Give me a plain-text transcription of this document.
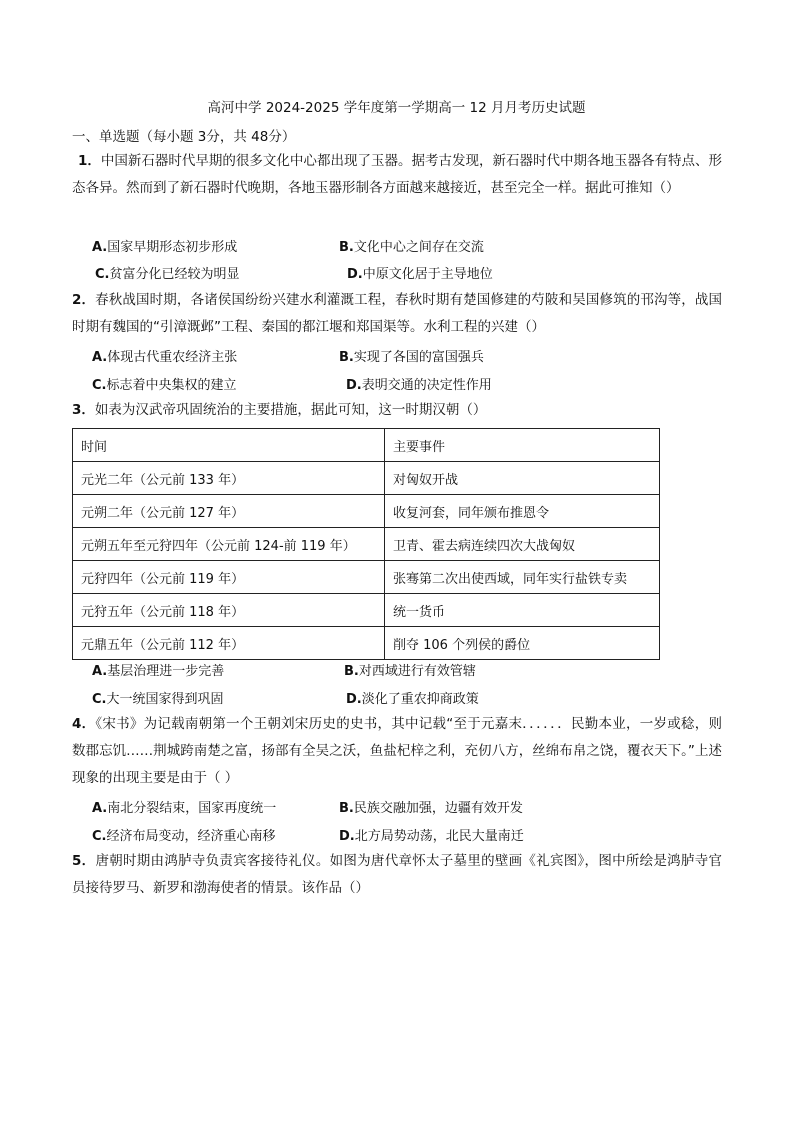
高河中学 2024-2025 学年度第一学期高一 12 月月考历史试题
一、单选题（每小题 3分，共 48分）
1．中国新石器时代早期的很多文化中心都出现了玉器。据考古发现，新石器时代中期各地玉器各有特点、形态各异。然而到了新石器时代晚期，各地玉器形制各方面越来越接近，甚至完全一样。据此可推知（）
A.国家早期形态初步形成	B.文化中心之间存在交流
C.贫富分化已经较为明显	D.中原文化居于主导地位
2．春秋战国时期，各诸侯国纷纷兴建水利灌溉工程，春秋时期有楚国修建的芍陂和吴国修筑的邗沟等，战国时期有魏国的“引漳溉邺”工程、秦国的都江堰和郑国渠等。水利工程的兴建（）
A.体现古代重农经济主张	B.实现了各国的富国强兵
C.标志着中央集权的建立	D.表明交通的决定性作用
3．如表为汉武帝巩固统治的主要措施，据此可知，这一时期汉朝（）
时间	主要事件
元光二年（公元前 133 年）	对匈奴开战
元朔二年（公元前 127 年）	收复河套，同年颁布推恩令
元朔五年至元狩四年（公元前 124-前 119 年）	卫青、霍去病连续四次大战匈奴
元狩四年（公元前 119 年）	张骞第二次出使西域，同年实行盐铁专卖
元狩五年（公元前 118 年）	统一货币
元鼎五年（公元前 112 年）	削夺 106 个列侯的爵位
A.基层治理进一步完善	B.对西域进行有效管辖
C.大一统国家得到巩固	D.淡化了重农抑商政策
4．《宋书》为记载南朝第一个王朝刘宋历史的史书，其中记载“至于元嘉末．．．．．．民勤本业，一岁或稔，则数郡忘饥……荆城跨南楚之富，扬部有全吴之沃，鱼盐杞梓之利，充仞八方，丝绵布帛之饶，覆衣天下。”上述现象的出现主要是由于（ ）
A.南北分裂结束，国家再度统一	B.民族交融加强，边疆有效开发
C.经济布局变动，经济重心南移	D.北方局势动荡，北民大量南迁
5．唐朝时期由鸿胪寺负责宾客接待礼仪。如图为唐代章怀太子墓里的壁画《礼宾图》，图中所绘是鸿胪寺官员接待罗马、新罗和渤海使者的情景。该作品（）
